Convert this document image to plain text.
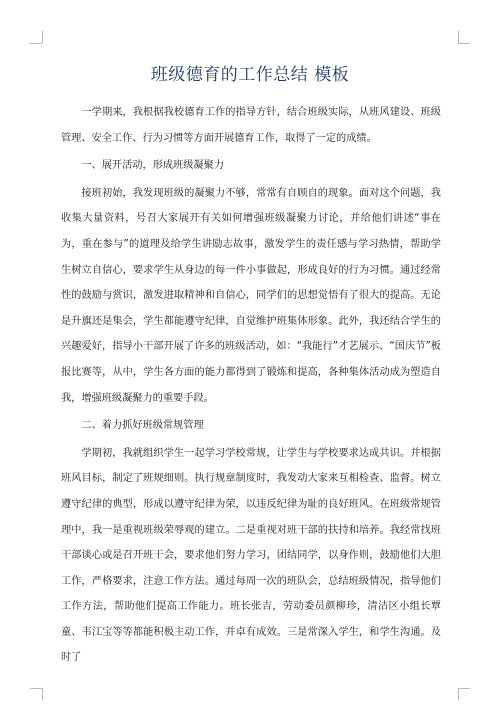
班级德育的工作总结 模板

一学期来，我根据我校德育工作的指导方针，结合班级实际，从班风建设、班级管理、安全工作、行为习惯等方面开展德育工作，取得了一定的成绩。

一、展开活动，形成班级凝聚力

接班初始，我发现班级的凝聚力不够，常常有自顾自的现象。面对这个问题，我收集大量资料，号召大家展开有关如何增强班级凝聚力讨论，并给他们讲述“事在为，重在参与”的道理及给学生讲励志故事，激发学生的责任感与学习热情，帮助学生树立自信心，要求学生从身边的每一件小事做起，形成良好的行为习惯。通过经常性的鼓励与赏识，激发进取精神和自信心，同学们的思想觉悟有了很大的提高。无论是升旗还是集会，学生都能遵守纪律，自觉维护班集体形象。此外，我还结合学生的兴趣爱好，指导小干部开展了许多的班级活动，如：“我能行”才艺展示、“国庆节”板报比赛等，从中，学生各方面的能力都得到了锻炼和提高，各种集体活动成为塑造自我，增强班级凝聚力的重要手段。

二、着力抓好班级常规管理

学期初，我就组织学生一起学习学校常规，让学生与学校要求达成共识。并根据班风目标，制定了班规细则。执行规章制度时，我发动大家来互相检查、监督。树立遵守纪律的典型，形成以遵守纪律为荣，以违反纪律为耻的良好班风。在班级常规管理中，我一是重视班级荣辱观的建立。二是重视对班干部的扶持和培养。我经常找班干部谈心或是召开班干会，要求他们努力学习，团结同学，以身作则，鼓励他们大胆工作，严格要求，注意工作方法。通过每周一次的班队会，总结班级情况，指导他们工作方法，帮助他们提高工作能力。班长张吉，劳动委员颜柳珍，清洁区小组长覃童、韦江宝等等都能积极主动工作，并卓有成效。三是常深入学生，和学生沟通。及时了
